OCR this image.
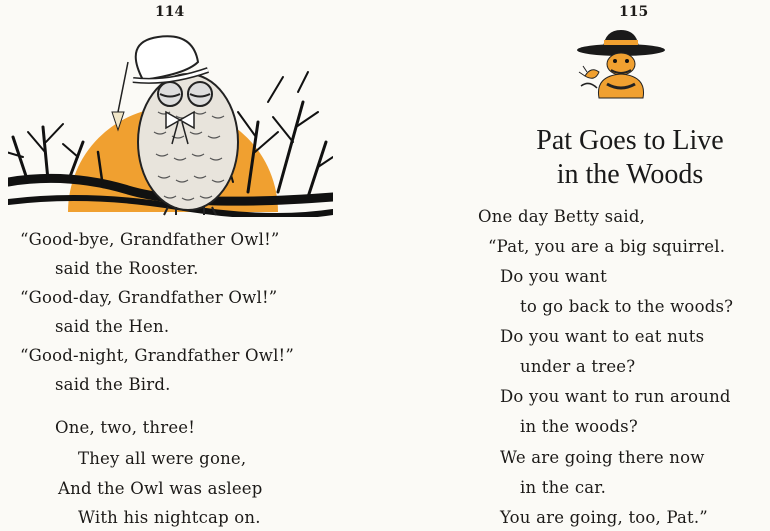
114
“Good-bye, Grandfather Owl!”
said the Rooster.
“Good-day, Grandfather Owl!”
said the Hen.
“Good-night, Grandfather Owl!”
said the Bird.
One, two, three!
They all were gone,
And the Owl was asleep
With his nightcap on.
115
Pat Goes to Live
in the Woods
One day Betty said,
“Pat, you are a big squirrel.
Do you want
to go back to the woods?
Do you want to eat nuts
under a tree?
Do you want to run around
in the woods?
We are going there now
in the car.
You are going, too, Pat.”
